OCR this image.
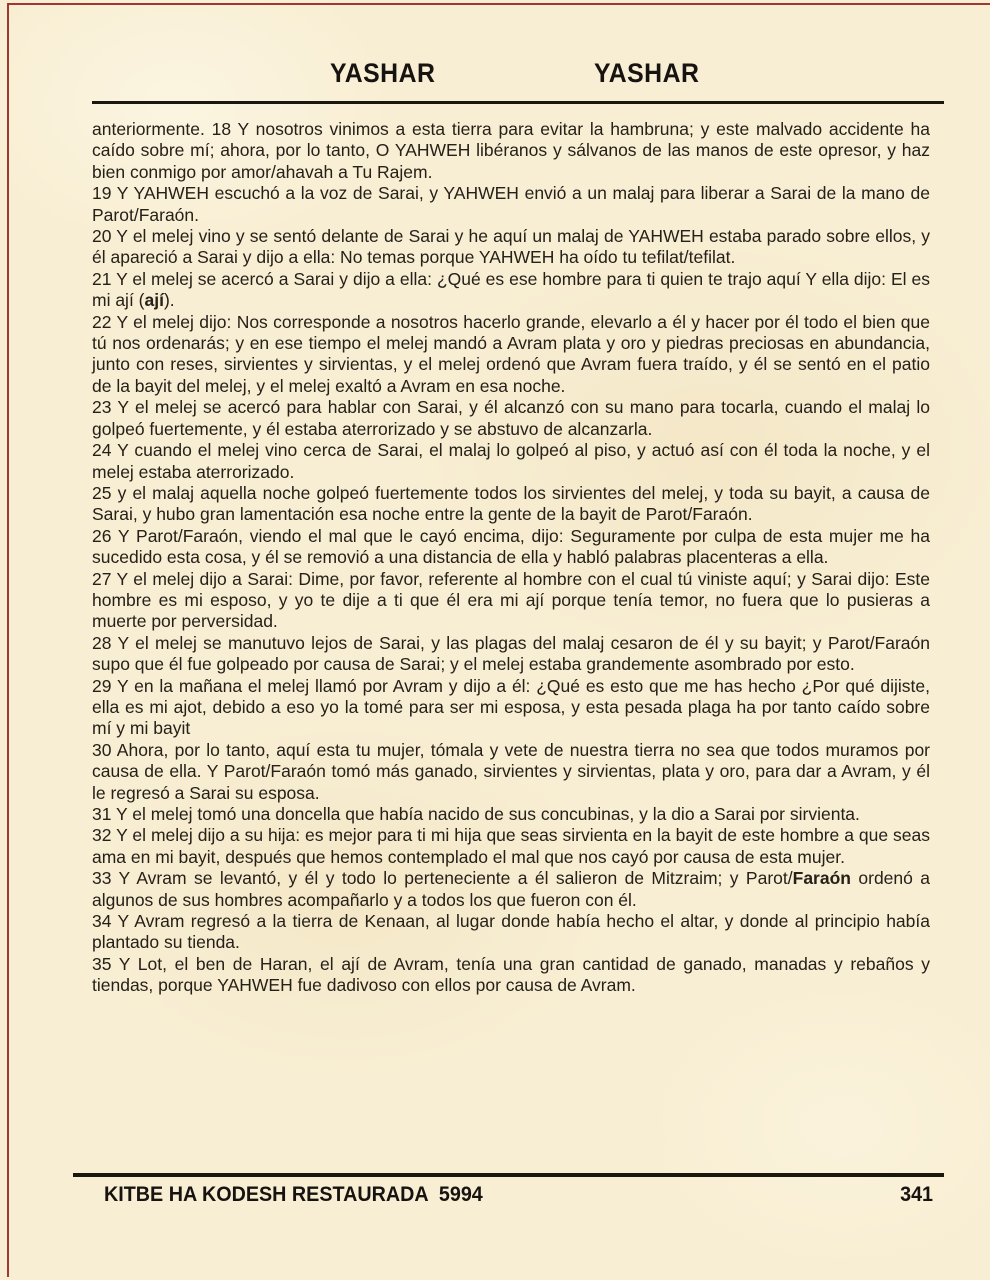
YASHAR	YASHAR

anteriormente. 18 Y nosotros vinimos a esta tierra para evitar la hambruna; y este malvado accidente ha caído sobre mí; ahora, por lo tanto, O YAHWEH libéranos y sálvanos de las manos de este opresor, y haz bien conmigo por amor/ahavah a Tu Rajem.

19 Y YAHWEH escuchó a la voz de Sarai, y YAHWEH envió a un malaj para liberar a Sarai de la mano de Parot/Faraón.

20 Y el melej vino y se sentó delante de Sarai y he aquí un malaj de YAHWEH estaba parado sobre ellos, y él apareció a Sarai y dijo a ella: No temas porque YAHWEH ha oído tu tefilat/tefilat.

21 Y el melej se acercó a Sarai y dijo a ella: ¿Qué es ese hombre para ti quien te trajo aquí Y ella dijo: El es mi ají (ají).

22 Y el melej dijo: Nos corresponde a nosotros hacerlo grande, elevarlo a él y hacer por él todo el bien que tú nos ordenarás; y en ese tiempo el melej mandó a Avram plata y oro y piedras preciosas en abundancia, junto con reses, sirvientes y sirvientas, y el melej ordenó que Avram fuera traído, y él se sentó en el patio de la bayit del melej, y el melej exaltó a Avram en esa noche.

23 Y el melej se acercó para hablar con Sarai, y él alcanzó con su mano para tocarla, cuando el malaj lo golpeó fuertemente, y él estaba aterrorizado y se abstuvo de alcanzarla.

24 Y cuando el melej vino cerca de Sarai, el malaj lo golpeó al piso, y actuó así con él toda la noche, y el melej estaba aterrorizado.

25 y el malaj aquella noche golpeó fuertemente todos los sirvientes del melej, y toda su bayit, a causa de Sarai, y hubo gran lamentación esa noche entre la gente de la bayit de Parot/Faraón.

26 Y Parot/Faraón, viendo el mal que le cayó encima, dijo: Seguramente por culpa de esta mujer me ha sucedido esta cosa, y él se removió a una distancia de ella y habló palabras placenteras a ella.

27 Y el melej dijo a Sarai: Dime, por favor, referente al hombre con el cual tú viniste aquí; y Sarai dijo: Este hombre es mi esposo, y yo te dije a ti que él era mi ají porque tenía temor, no fuera que lo pusieras a muerte por perversidad.

28 Y el melej se manutuvo lejos de Sarai, y las plagas del malaj cesaron de él y su bayit; y Parot/Faraón supo que él fue golpeado por causa de Sarai; y el melej estaba grandemente asombrado por esto.

29 Y en la mañana el melej llamó por Avram y dijo a él: ¿Qué es esto que me has hecho ¿Por qué dijiste, ella es mi ajot, debido a eso yo la tomé para ser mi esposa, y esta pesada plaga ha por tanto caído sobre mí y mi bayit

30 Ahora, por lo tanto, aquí esta tu mujer, tómala y vete de nuestra tierra no sea que todos muramos por causa de ella. Y Parot/Faraón tomó más ganado, sirvientes y sirvientas, plata y oro, para dar a Avram, y él le regresó a Sarai su esposa.

31 Y el melej tomó una doncella que había nacido de sus concubinas, y la dio a Sarai por sirvienta.

32 Y el melej dijo a su hija: es mejor para ti mi hija que seas sirvienta en la bayit de este hombre a que seas ama en mi bayit, después que hemos contemplado el mal que nos cayó por causa de esta mujer.

33 Y Avram se levantó, y él y todo lo perteneciente a él salieron de Mitzraim; y Parot/Faraón ordenó a algunos de sus hombres acompañarlo y a todos los que fueron con él.

34 Y Avram regresó a la tierra de Kenaan, al lugar donde había hecho el altar, y donde al principio había plantado su tienda.

35 Y Lot, el ben de Haran, el ají de Avram, tenía una gran cantidad de ganado, manadas y rebaños y tiendas, porque YAHWEH fue dadivoso con ellos por causa de Avram.

KITBE HA KODESH RESTAURADA  5994	341
